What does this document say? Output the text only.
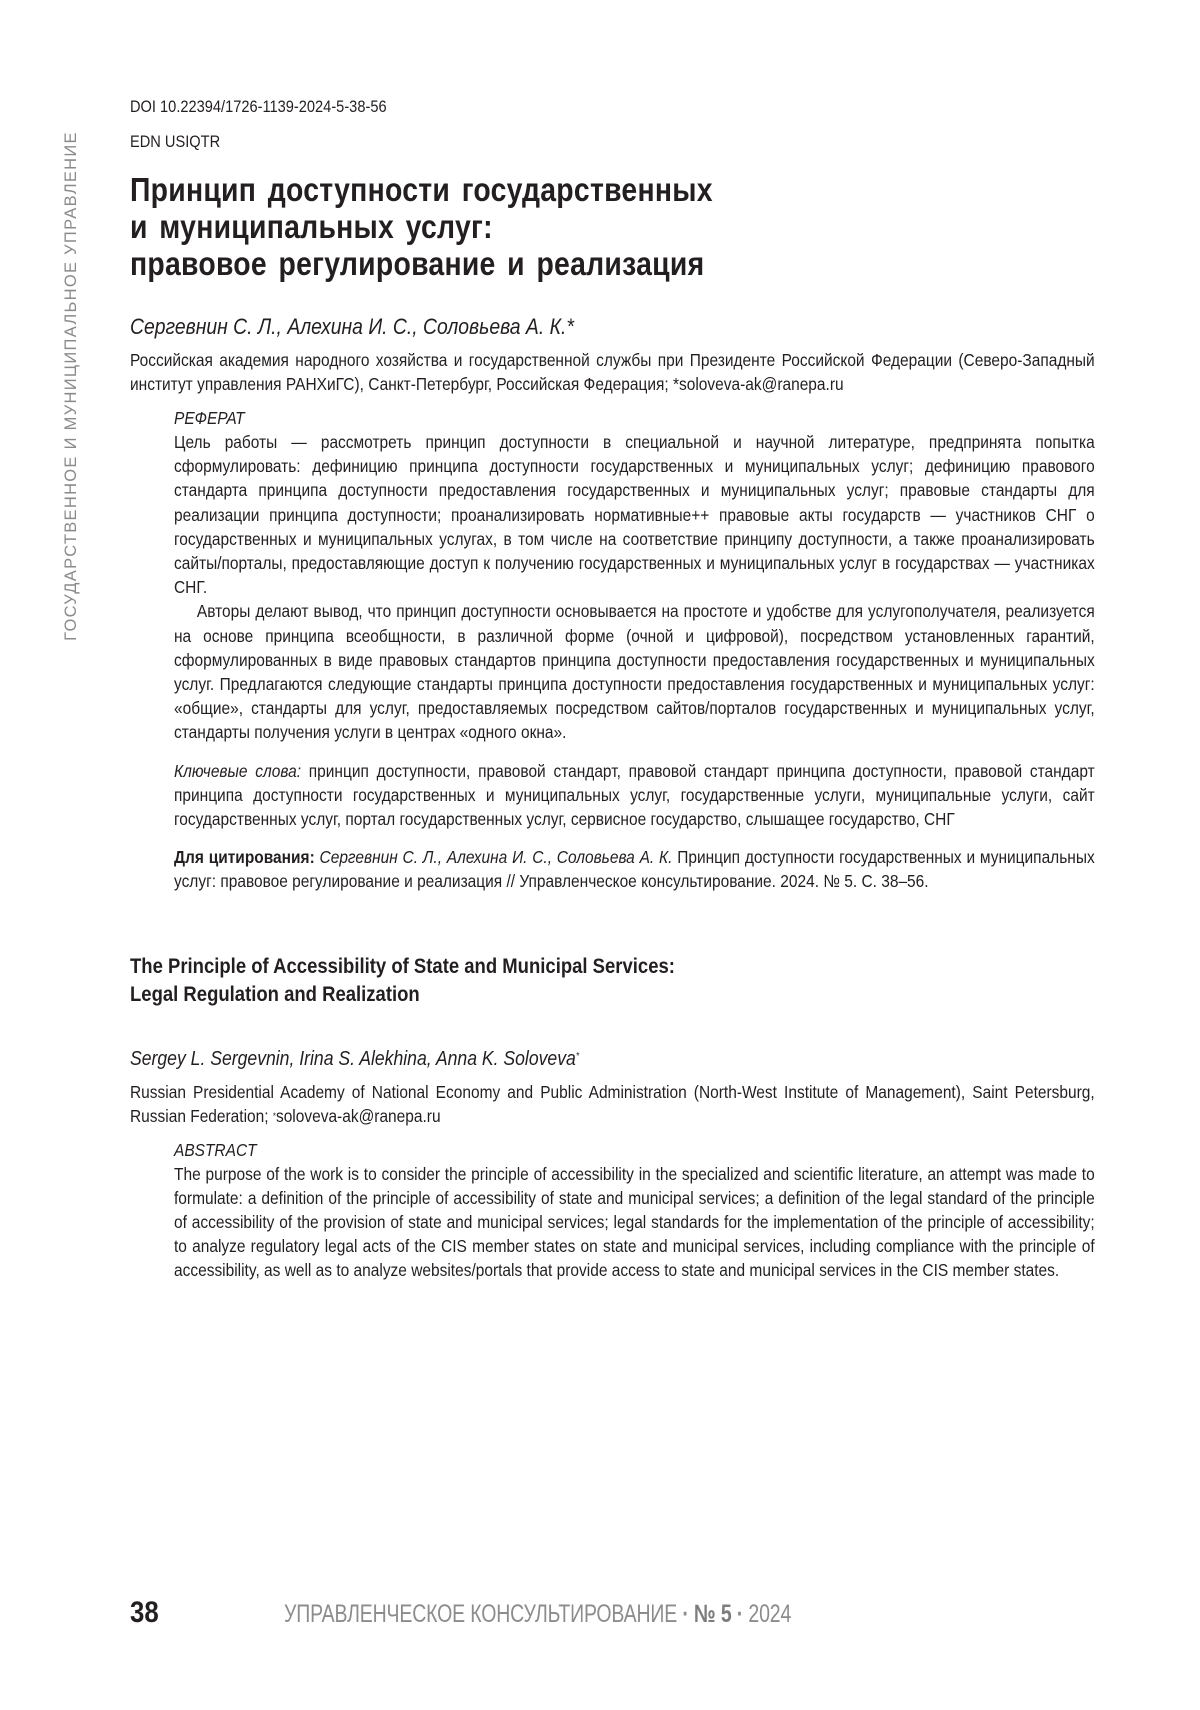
ГОСУДАРСТВЕННОЕ И МУНИЦИПАЛЬНОЕ УПРАВЛЕНИЕ

DOI 10.22394/1726-1139-2024-5-38-56

EDN USIQTR

Принцип доступности государственных
и муниципальных услуг:
правовое регулирование и реализация

Сергевнин С. Л., Алехина И. С., Соловьева А. К.*

Российская академия народного хозяйства и государственной службы при Президенте Российской Федерации (Северо-Западный институт управления РАНХиГС), Санкт-Петербург, Российская Федерация; *soloveva-ak@ranepa.ru

РЕФЕРАТ

Цель работы — рассмотреть принцип доступности в специальной и научной литературе, предпринята попытка сформулировать: дефиницию принципа доступности государственных и муниципальных услуг; дефиницию правового стандарта принципа доступности предоставления государственных и муниципальных услуг; правовые стандарты для реализации принципа доступности; проанализировать нормативные++ правовые акты государств — участников СНГ о государственных и муниципальных услугах, в том числе на соответствие принципу доступности, а также проанализировать сайты/порталы, предоставляющие доступ к получению государственных и муниципальных услуг в государствах — участниках СНГ.

Авторы делают вывод, что принцип доступности основывается на простоте и удобстве для услугополучателя, реализуется на основе принципа всеобщности, в различной форме (очной и цифровой), посредством установленных гарантий, сформулированных в виде правовых стандартов принципа доступности предоставления государственных и муниципальных услуг. Предлагаются следующие стандарты принципа доступности предоставления государственных и муниципальных услуг: «общие», стандарты для услуг, предоставляемых посредством сайтов/порталов государственных и муниципальных услуг, стандарты получения услуги в центрах «одного окна».

Ключевые слова: принцип доступности, правовой стандарт, правовой стандарт принципа доступности, правовой стандарт принципа доступности государственных и муниципальных услуг, государственные услуги, муниципальные услуги, сайт государственных услуг, портал государственных услуг, сервисное государство, слышащее государство, СНГ

Для цитирования: Сергевнин С. Л., Алехина И. С., Соловьева А. К. Принцип доступности государственных и муниципальных услуг: правовое регулирование и реализация // Управленческое консультирование. 2024. № 5. С. 38–56.

The Principle of Accessibility of State and Municipal Services:
Legal Regulation and Realization

Sergey L. Sergevnin, Irina S. Alekhina, Anna K. Soloveva*

Russian Presidential Academy of National Economy and Public Administration (North-West Institute of Management), Saint Petersburg, Russian Federation; *soloveva-ak@ranepa.ru

ABSTRACT

The purpose of the work is to consider the principle of accessibility in the specialized and scientific literature, an attempt was made to formulate: a definition of the principle of accessibility of state and municipal services; a definition of the legal standard of the principle of accessibility of the provision of state and municipal services; legal standards for the implementation of the principle of accessibility; to analyze regulatory legal acts of the CIS member states on state and municipal services, including compliance with the principle of accessibility, as well as to analyze websites/portals that provide access to state and municipal services in the CIS member states.

38	УПРАВЛЕНЧЕСКОЕ КОНСУЛЬТИРОВАНИЕ · № 5 · 2024
